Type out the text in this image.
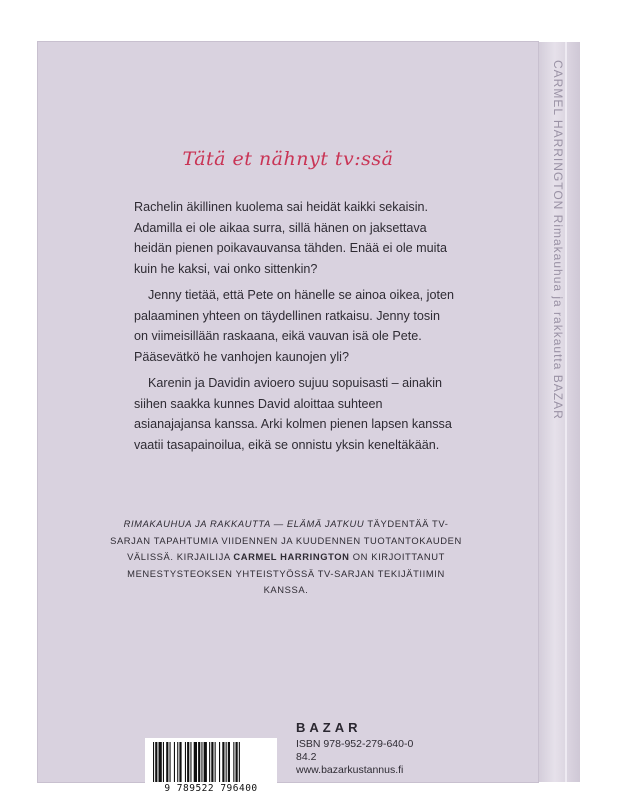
CARMEL HARRINGTON Rimakauhua ja rakkautta BAZAR
Tätä et nähnyt tv:ssä

Rachelin äkillinen kuolema sai heidät kaikki sekaisin. Adamilla ei ole aikaa surra, sillä hänen on jaksettava heidän pienen poikavauvansa tähden. Enää ei ole muita kuin he kaksi, vai onko sittenkin?

Jenny tietää, että Pete on hänelle se ainoa oikea, joten palaaminen yhteen on täydellinen ratkaisu. Jenny tosin on viimeisillään raskaana, eikä vauvan isä ole Pete. Pääsevätkö he vanhojen kaunojen yli?

Karenin ja Davidin avioero sujuu sopuisasti – ainakin siihen saakka kunnes David aloittaa suhteen asianajajansa kanssa. Arki kolmen pienen lapsen kanssa vaatii tasapainoilua, eikä se onnistu yksin keneltäkään.

RIMAKAUHUA JA RAKKAUTTA — ELÄMÄ JATKUU TÄYDENTÄÄ TV-SARJAN TAPAHTUMIA VIIDENNEN JA KUUDENNEN TUOTANTOKAUDEN VÄLISSÄ. KIRJAILIJA CARMEL HARRINGTON ON KIRJOITTANUT MENESTYSTEOKSEN YHTEISTYÖSSÄ TV-SARJAN TEKIJÄTIIMIN KANSSA.
9 789522 796400
BAZAR
ISBN 978-952-279-640-0
84.2
www.bazarkustannus.fi
